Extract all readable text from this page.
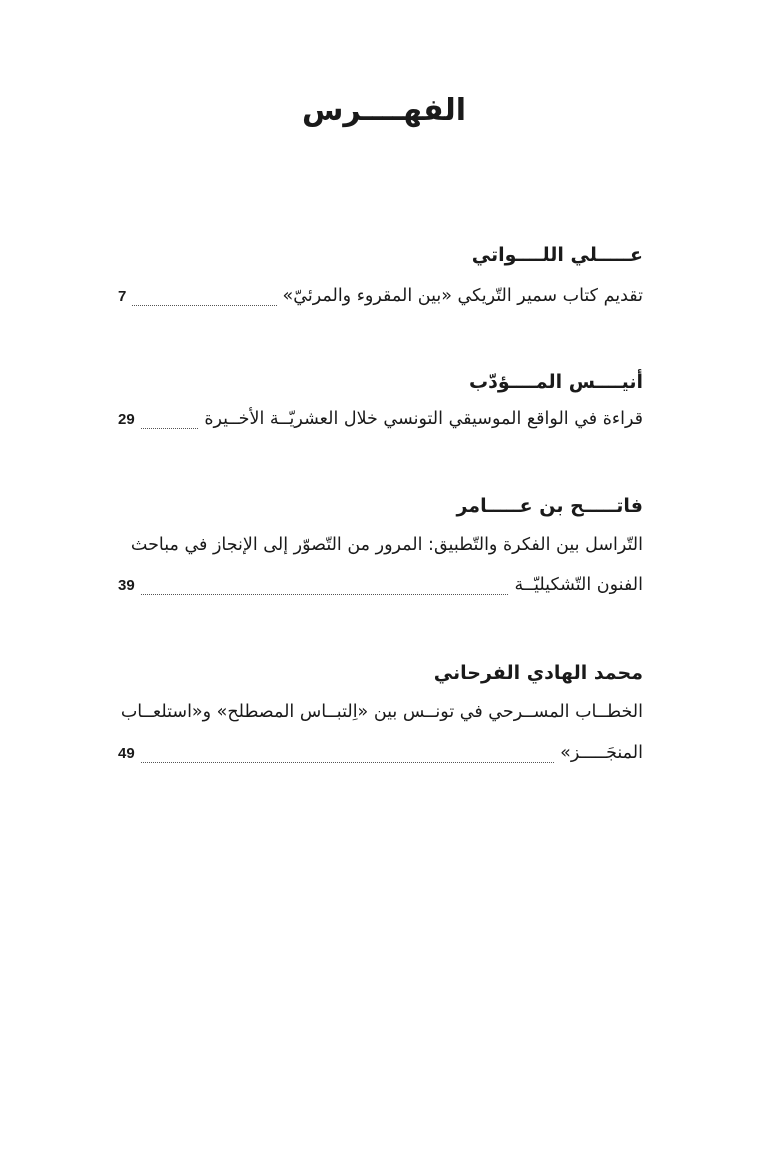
الفهــــرس
عـــــلي اللــــواتي
تقديم كتاب سمير التّريكي «بين المقروء والمرئيّ»
7
أنيــــس المــــؤدّب
قراءة في الواقع الموسيقي التونسي خلال العشريّــة الأخــيرة
29
فاتـــــح بن عـــــامر
التّراسل بين الفكرة والتّطبيق: المرور من التّصوّر إلى الإنجاز في مباحث
الفنون التّشكيليّــة
39
محمد الهادي الفرحاني
الخطــاب المســرحي في تونــس بين «اِلتبــاس المصطلح» و«استلعــاب
المنجَـــــز»
49
